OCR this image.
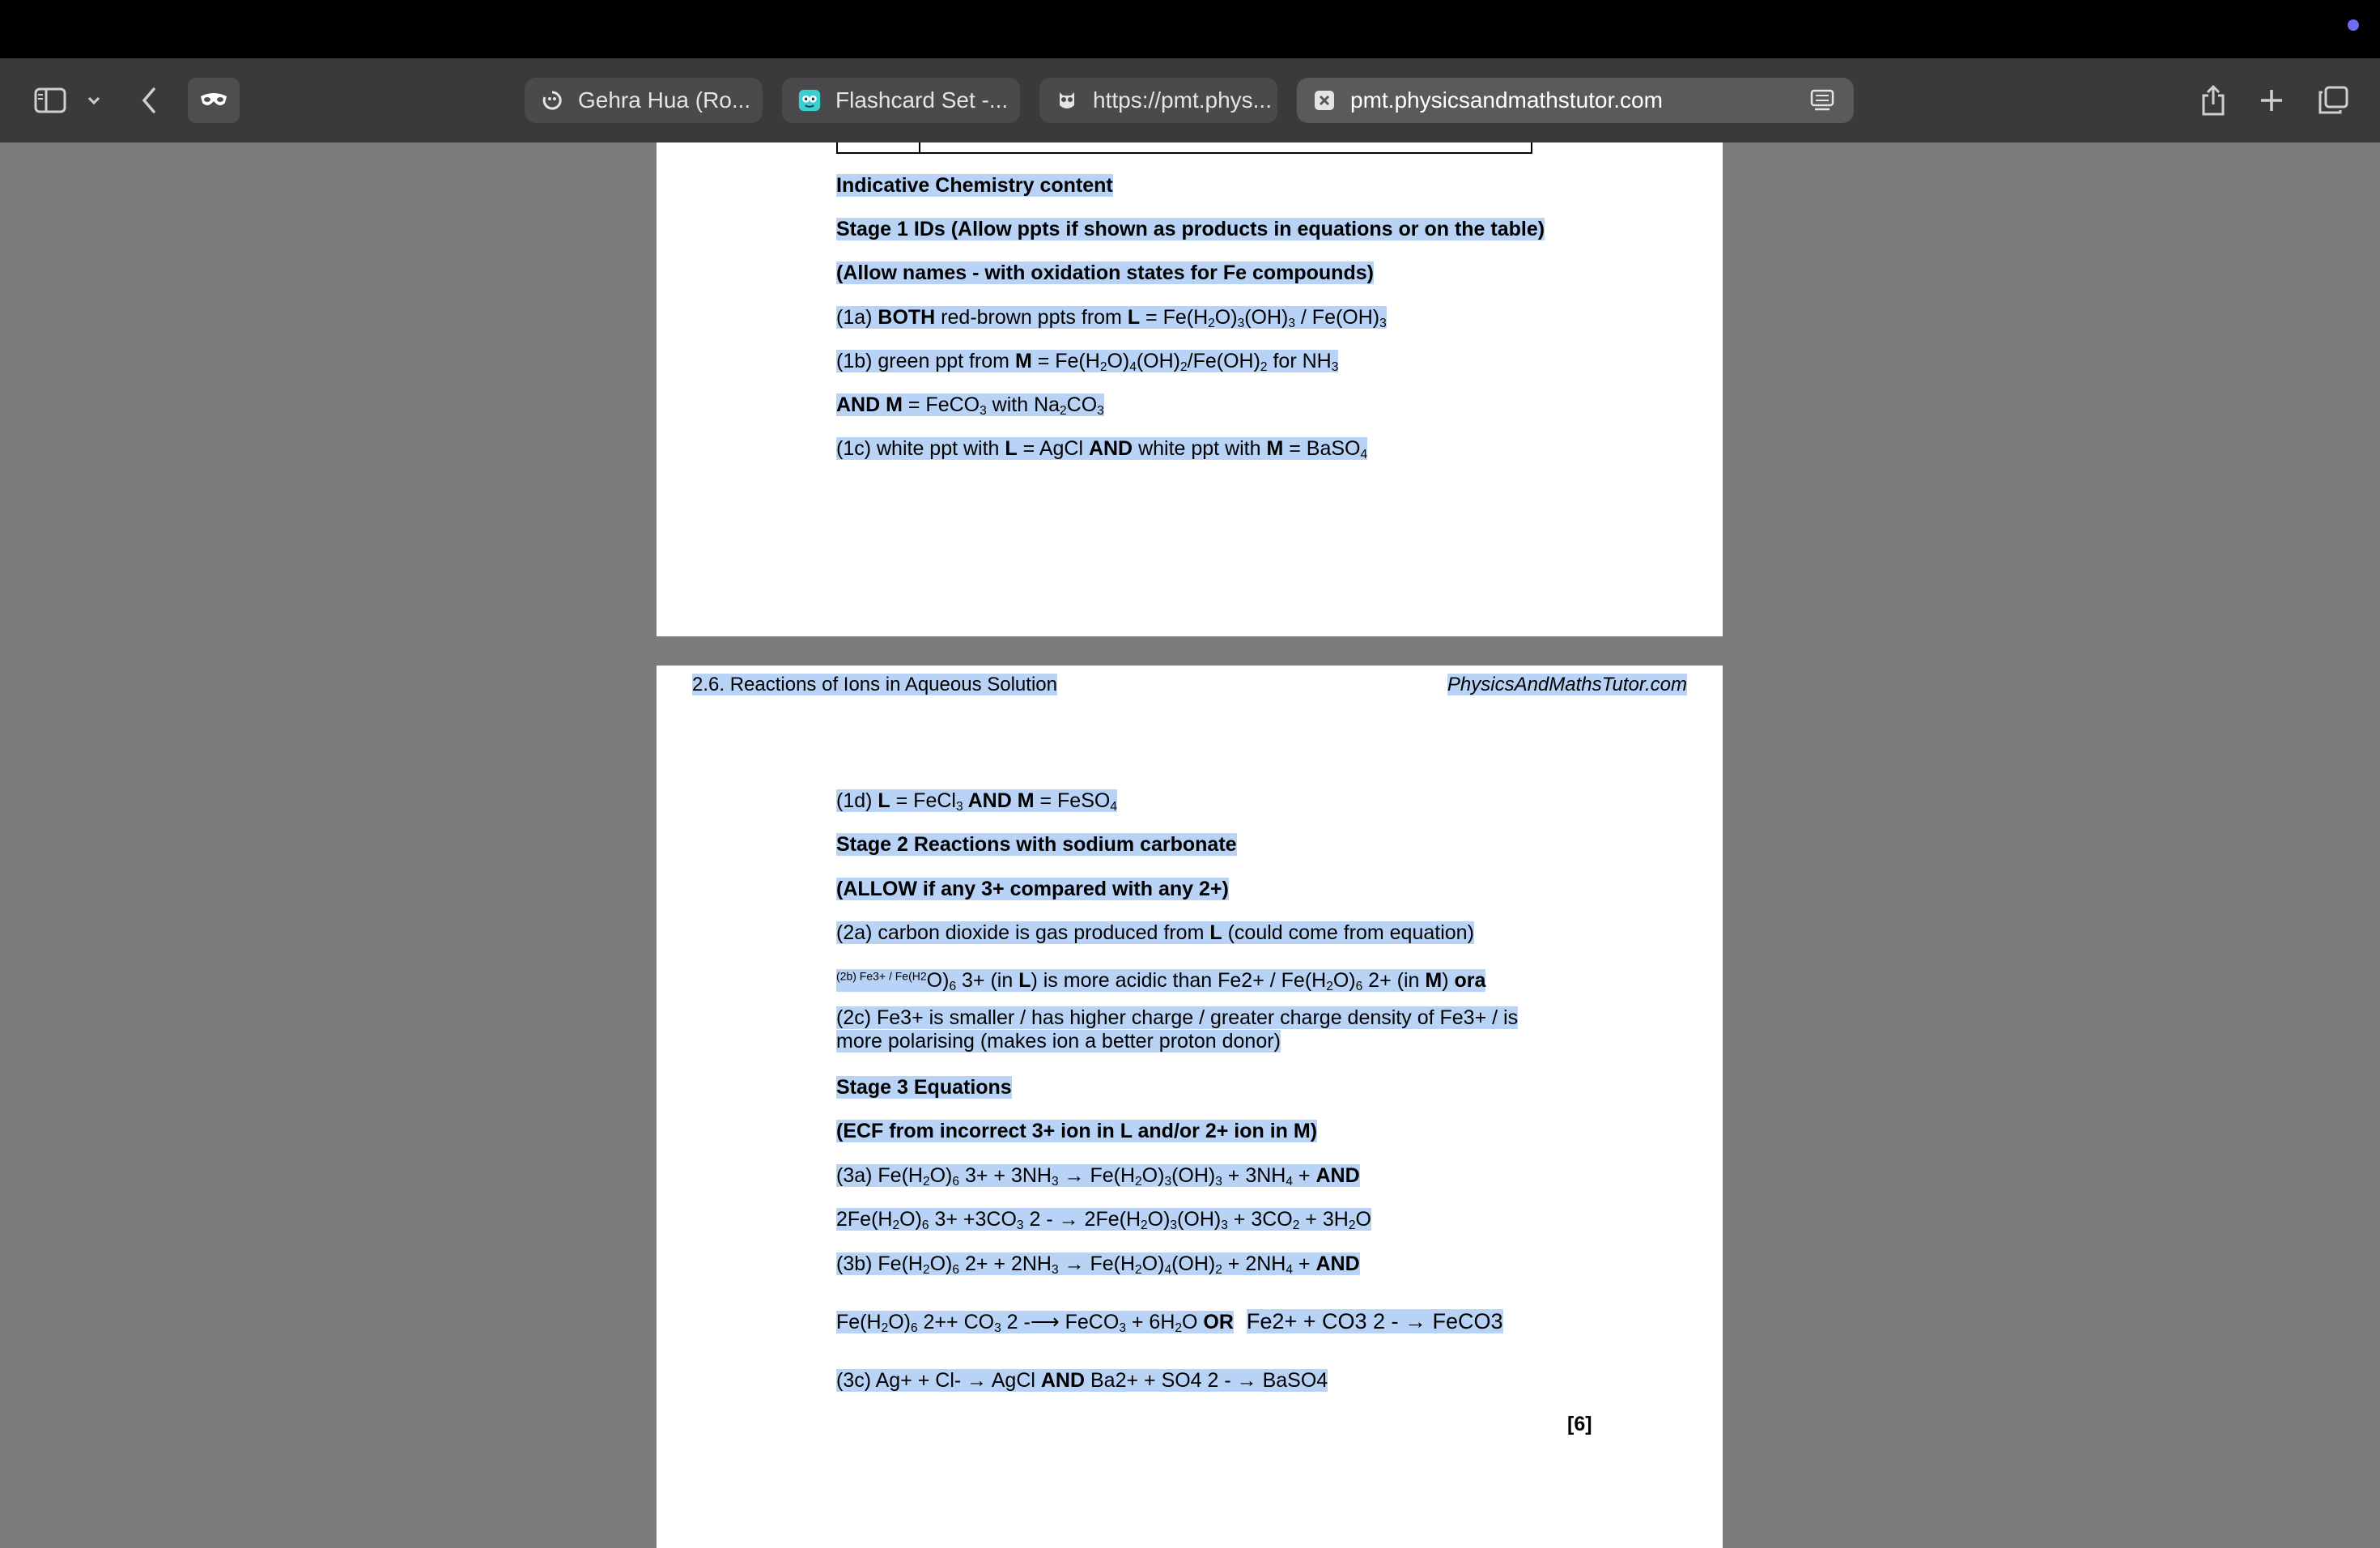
Gehra Hua (Ro...	Flashcard Set -...	https://pmt.phys...	pmt.physicsandmathstutor.com
Indicative Chemistry content
Stage 1 IDs (Allow ppts if shown as products in equations or on the table)
(Allow names - with oxidation states for Fe compounds)
(1a) BOTH red-brown ppts from $L = Fe(H_2O)_3(OH)_3 / Fe(OH)_3$
(1b) green ppt from $M = Fe(H_2O)_4(OH)_2/Fe(OH)_2$ for $NH_3$
AND M = FeCO$_3$ with $Na_2CO_3$
(1c) white ppt with L = AgCl AND white ppt with M = BaSO$_4$
2.6. Reactions of Ions in Aqueous Solution	PhysicsAndMathsTutor.com
(1d) L = FeCl$_3$ AND M = FeSO$_4$
Stage 2 Reactions with sodium carbonate
(ALLOW if any 3+ compared with any 2+)
(2a) carbon dioxide is gas produced from L (could come from equation)
$^{(2b) Fe3+ / Fe(H2}O)_6$ 3+ (in L) is more acidic than $Fe2+ / Fe(H_2O)_6$ 2+ (in M) ora
(2c) Fe3+ is smaller / has higher charge / greater charge density of Fe3+ / is
more polarising (makes ion a better proton donor)
Stage 3 Equations
(ECF from incorrect 3+ ion in L and/or 2+ ion in M)
(3a) $Fe(H_2O)_6$ $3+ + 3NH_3 \to Fe(H_2O)_3(OH)_3 + 3NH_4$ + AND
$2Fe(H_2O)_6$ $3+ +3CO_3$ 2 - → $2Fe(H_2O)_3(OH)_3 + 3CO_2 + 3H_2O$
(3b) $Fe(H_2O)_6$ $2+ + 2NH_3 \to Fe(H_2O)_4(OH)_2 + 2NH_4$ + AND
$Fe(H_2O)_6$ $2++ CO_3$ 2 -⟶ FeCO$_3$ + $6H_2O$ OR Fe2+ + CO3 2 - → FeCO3
(3c) Ag+ + Cl- → AgCl AND Ba2+ + SO4 2 - → BaSO4
[6]
